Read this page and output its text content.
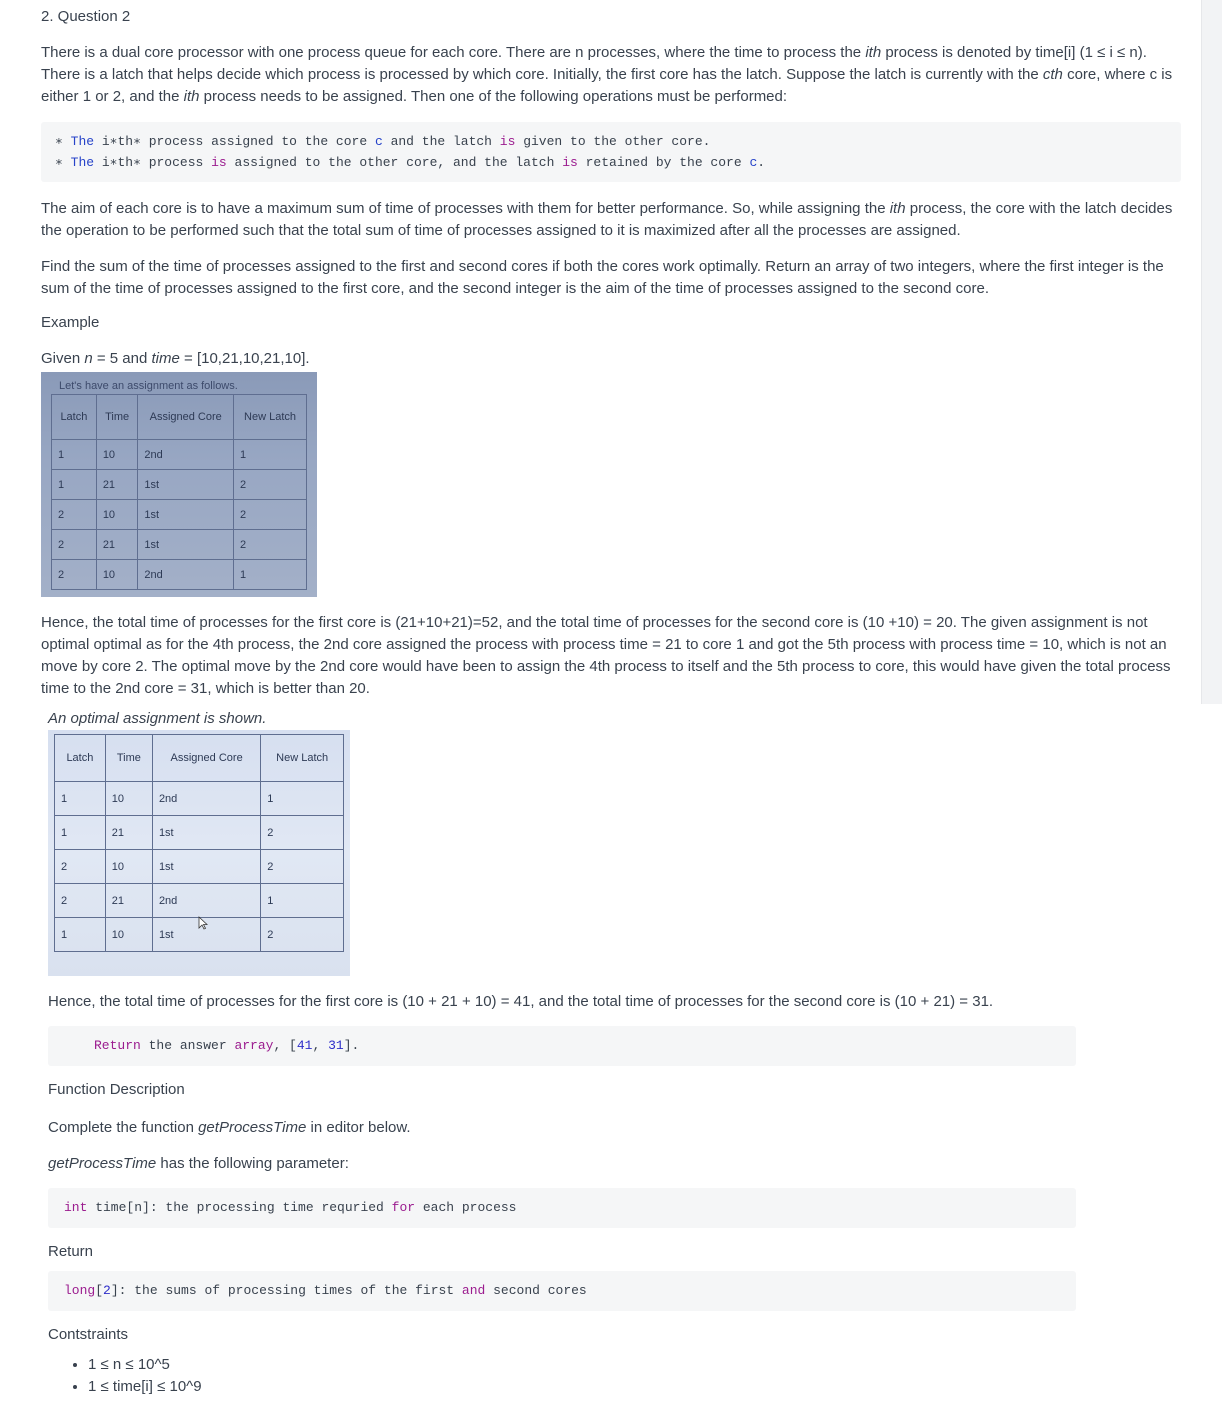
2. Question 2

There is a dual core processor with one process queue for each core. There are n processes, where the time to process the ith process is denoted by time[i] (1 ≤ i ≤ n). There is a latch that helps decide which process is processed by which core. Initially, the first core has the latch. Suppose the latch is currently with the cth core, where c is either 1 or 2, and the ith process needs to be assigned. Then one of the following operations must be performed:

∗ The i∗th∗ process assigned to the core c and the latch is given to the other core.
∗ The i∗th∗ process is assigned to the other core, and the latch is retained by the core c.

The aim of each core is to have a maximum sum of time of processes with them for better performance. So, while assigning the ith process, the core with the latch decides the operation to be performed such that the total sum of time of processes assigned to it is maximized after all the processes are assigned.

Find the sum of the time of processes assigned to the first and second cores if both the cores work optimally. Return an array of two integers, where the first integer is the sum of the time of processes assigned to the first core, and the second integer is the aim of the time of processes assigned to the second core.

Example
Given n = 5 and time = [10,21,10,21,10].
Let's have an assignment as follows.
Latch	Time	Assigned Core	New Latch
1	10	2nd	1
1	21	1st	2
2	10	1st	2
2	21	1st	2
2	10	2nd	1

Hence, the total time of processes for the first core is (21+10+21)=52, and the total time of processes for the second core is (10 +10) = 20. The given assignment is not optimal optimal as for the 4th process, the 2nd core assigned the process with process time = 21 to core 1 and got the 5th process with process time = 10, which is not an move by core 2. The optimal move by the 2nd core would have been to assign the 4th process to itself and the 5th process to core, this would have given the total process time to the 2nd core = 31, which is better than 20.

An optimal assignment is shown.
Latch	Time	Assigned Core	New Latch
1	10	2nd	1
1	21	1st	2
2	10	1st	2
2	21	2nd	1
1	10	1st	2

Hence, the total time of processes for the first core is (10 + 21 + 10) = 41, and the total time of processes for the second core is (10 + 21) = 31.

Return the answer array, [41, 31].
Function Description

Complete the function getProcessTime in editor below.

getProcessTime has the following parameter:

int time[n]: the processing time requried for each process
Return
long[2]: the sums of processing times of the first and second cores
Contstraints
• 1 ≤ n ≤ 10^5
• 1 ≤ time[i] ≤ 10^9
